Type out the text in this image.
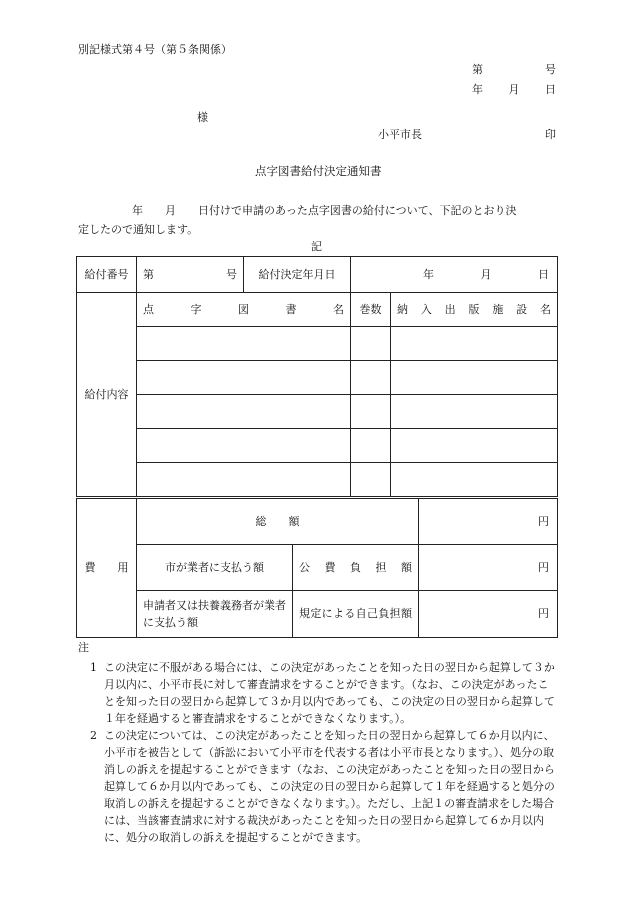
別記様式第４号（第５条関係）
第	号
年 月 日
様
小平市長	印
点字図書給付決定通知書
年　　月　　日付けで申請のあった点字図書の給付について、下記のとおり決
定したので通知します。
記
給付番号	第 号	給付決定年月日	年 月 日	

給付内容	点　字　図　書　名		巻数	納入出版施設名

費　　用	総　　額		円
	市が業者に支払う額	公　費　負　担　額	円
	申請者又は扶養義務者が業者に支払う額	規定による自己負担額	円
注
1 この決定に不服がある場合には、この決定があったことを知った日の翌日から起算して３か月以内に、小平市長に対して審査請求をすることができます。（なお、この決定があったことを知った日の翌日から起算して３か月以内であっても、この決定の日の翌日から起算して１年を経過すると審査請求をすることができなくなります。）。
2 この決定については、この決定があったことを知った日の翌日から起算して６か月以内に、小平市を被告として（訴訟において小平市を代表する者は小平市長となります。）、処分の取消しの訴えを提起することができます（なお、この決定があったことを知った日の翌日から起算して６か月以内であっても、この決定の日の翌日から起算して１年を経過すると処分の取消しの訴えを提起することができなくなります。）。ただし、上記１の審査請求をした場合には、当該審査請求に対する裁決があったことを知った日の翌日から起算して６か月以内に、処分の取消しの訴えを提起することができます。
